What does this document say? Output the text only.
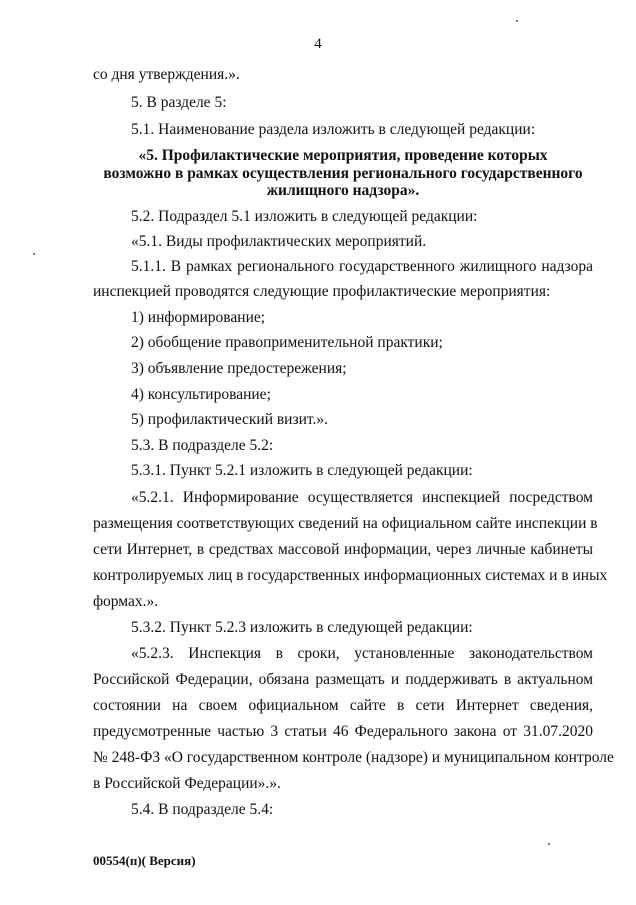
4
со дня утверждения.».
5. В разделе 5:
5.1. Наименование раздела изложить в следующей редакции:
«5. Профилактические мероприятия, проведение которых
возможно в рамках осуществления регионального государственного
жилищного надзора».
5.2. Подраздел 5.1 изложить в следующей редакции:
«5.1. Виды профилактических мероприятий.
5.1.1. В рамках регионального государственного жилищного надзора
инспекцией проводятся следующие профилактические мероприятия:
1) информирование;
2) обобщение правоприменительной практики;
3) объявление предостережения;
4) консультирование;
5) профилактический визит.».
5.3. В подразделе 5.2:
5.3.1. Пункт 5.2.1 изложить в следующей редакции:
«5.2.1. Информирование осуществляется инспекцией посредством
размещения соответствующих сведений на официальном сайте инспекции в
сети Интернет, в средствах массовой информации, через личные кабинеты
контролируемых лиц в государственных информационных системах и в иных
формах.».
5.3.2. Пункт 5.2.3 изложить в следующей редакции:
«5.2.3. Инспекция в сроки, установленные законодательством
Российской Федерации, обязана размещать и поддерживать в актуальном
состоянии на своем официальном сайте в сети Интернет сведения,
предусмотренные частью 3 статьи 46 Федерального закона от 31.07.2020
№ 248-ФЗ «О государственном контроле (надзоре) и муниципальном контроле
в Российской Федерации».».
5.4. В подразделе 5.4:
00554(п)( Версия)
